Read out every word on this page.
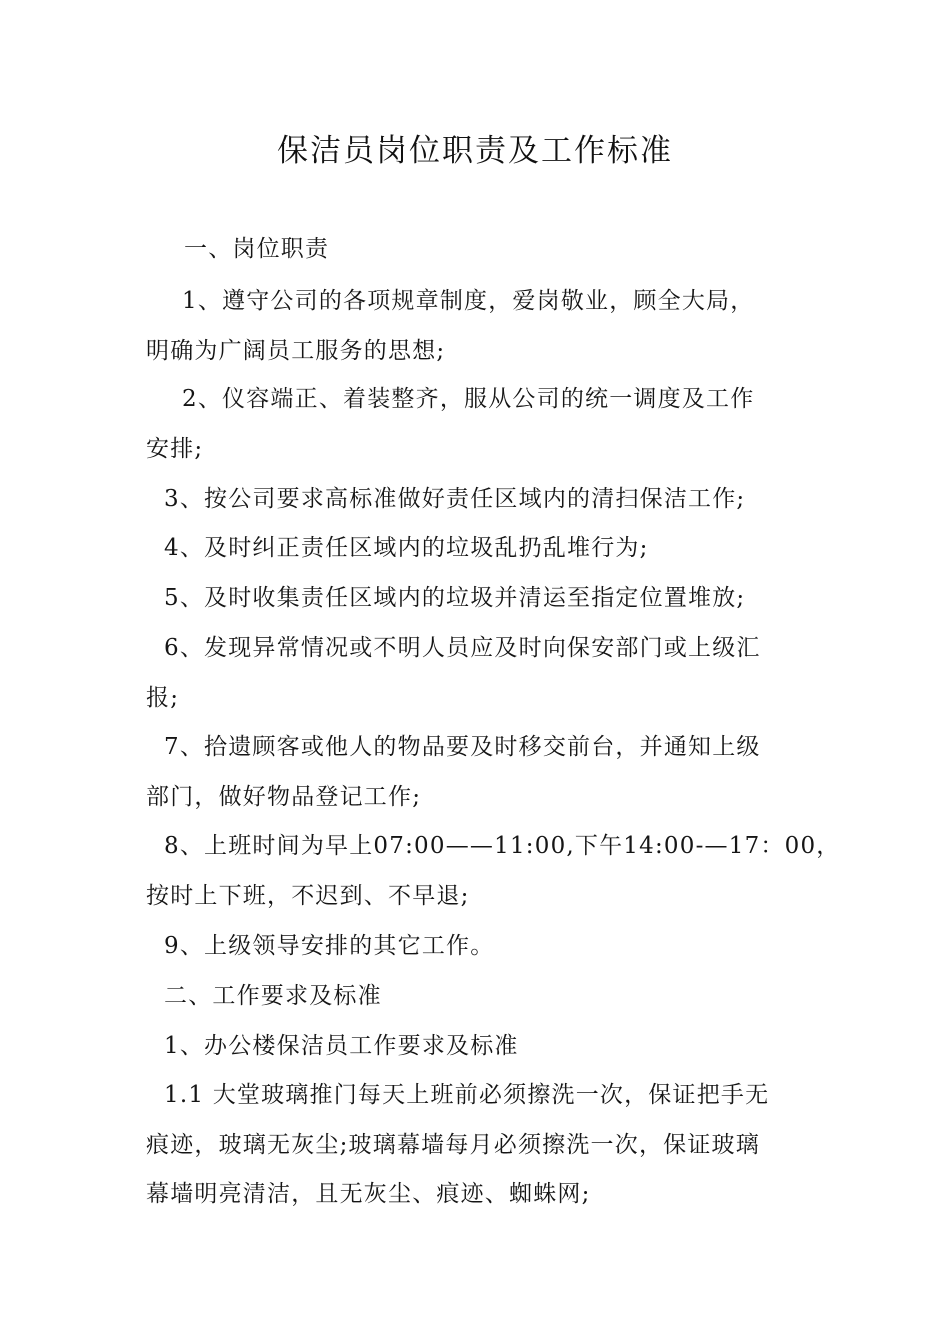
保洁员岗位职责及工作标准
一、岗位职责
1、遵守公司的各项规章制度，爱岗敬业，顾全大局，
明确为广阔员工服务的思想;
2、仪容端正、着装整齐，服从公司的统一调度及工作
安排;
3、按公司要求高标准做好责任区域内的清扫保洁工作;
4、及时纠正责任区域内的垃圾乱扔乱堆行为;
5、及时收集责任区域内的垃圾并清运至指定位置堆放;
6、发现异常情况或不明人员应及时向保安部门或上级汇
报;
7、拾遗顾客或他人的物品要及时移交前台，并通知上级
部门，做好物品登记工作;
8、上班时间为早上07:00——11:00,下午14:00-—17：00，
按时上下班，不迟到、不早退;
9、上级领导安排的其它工作。
二、工作要求及标准
1、办公楼保洁员工作要求及标准
1.1 大堂玻璃推门每天上班前必须擦洗一次，保证把手无
痕迹，玻璃无灰尘;玻璃幕墙每月必须擦洗一次，保证玻璃
幕墙明亮清洁，且无灰尘、痕迹、蜘蛛网;
